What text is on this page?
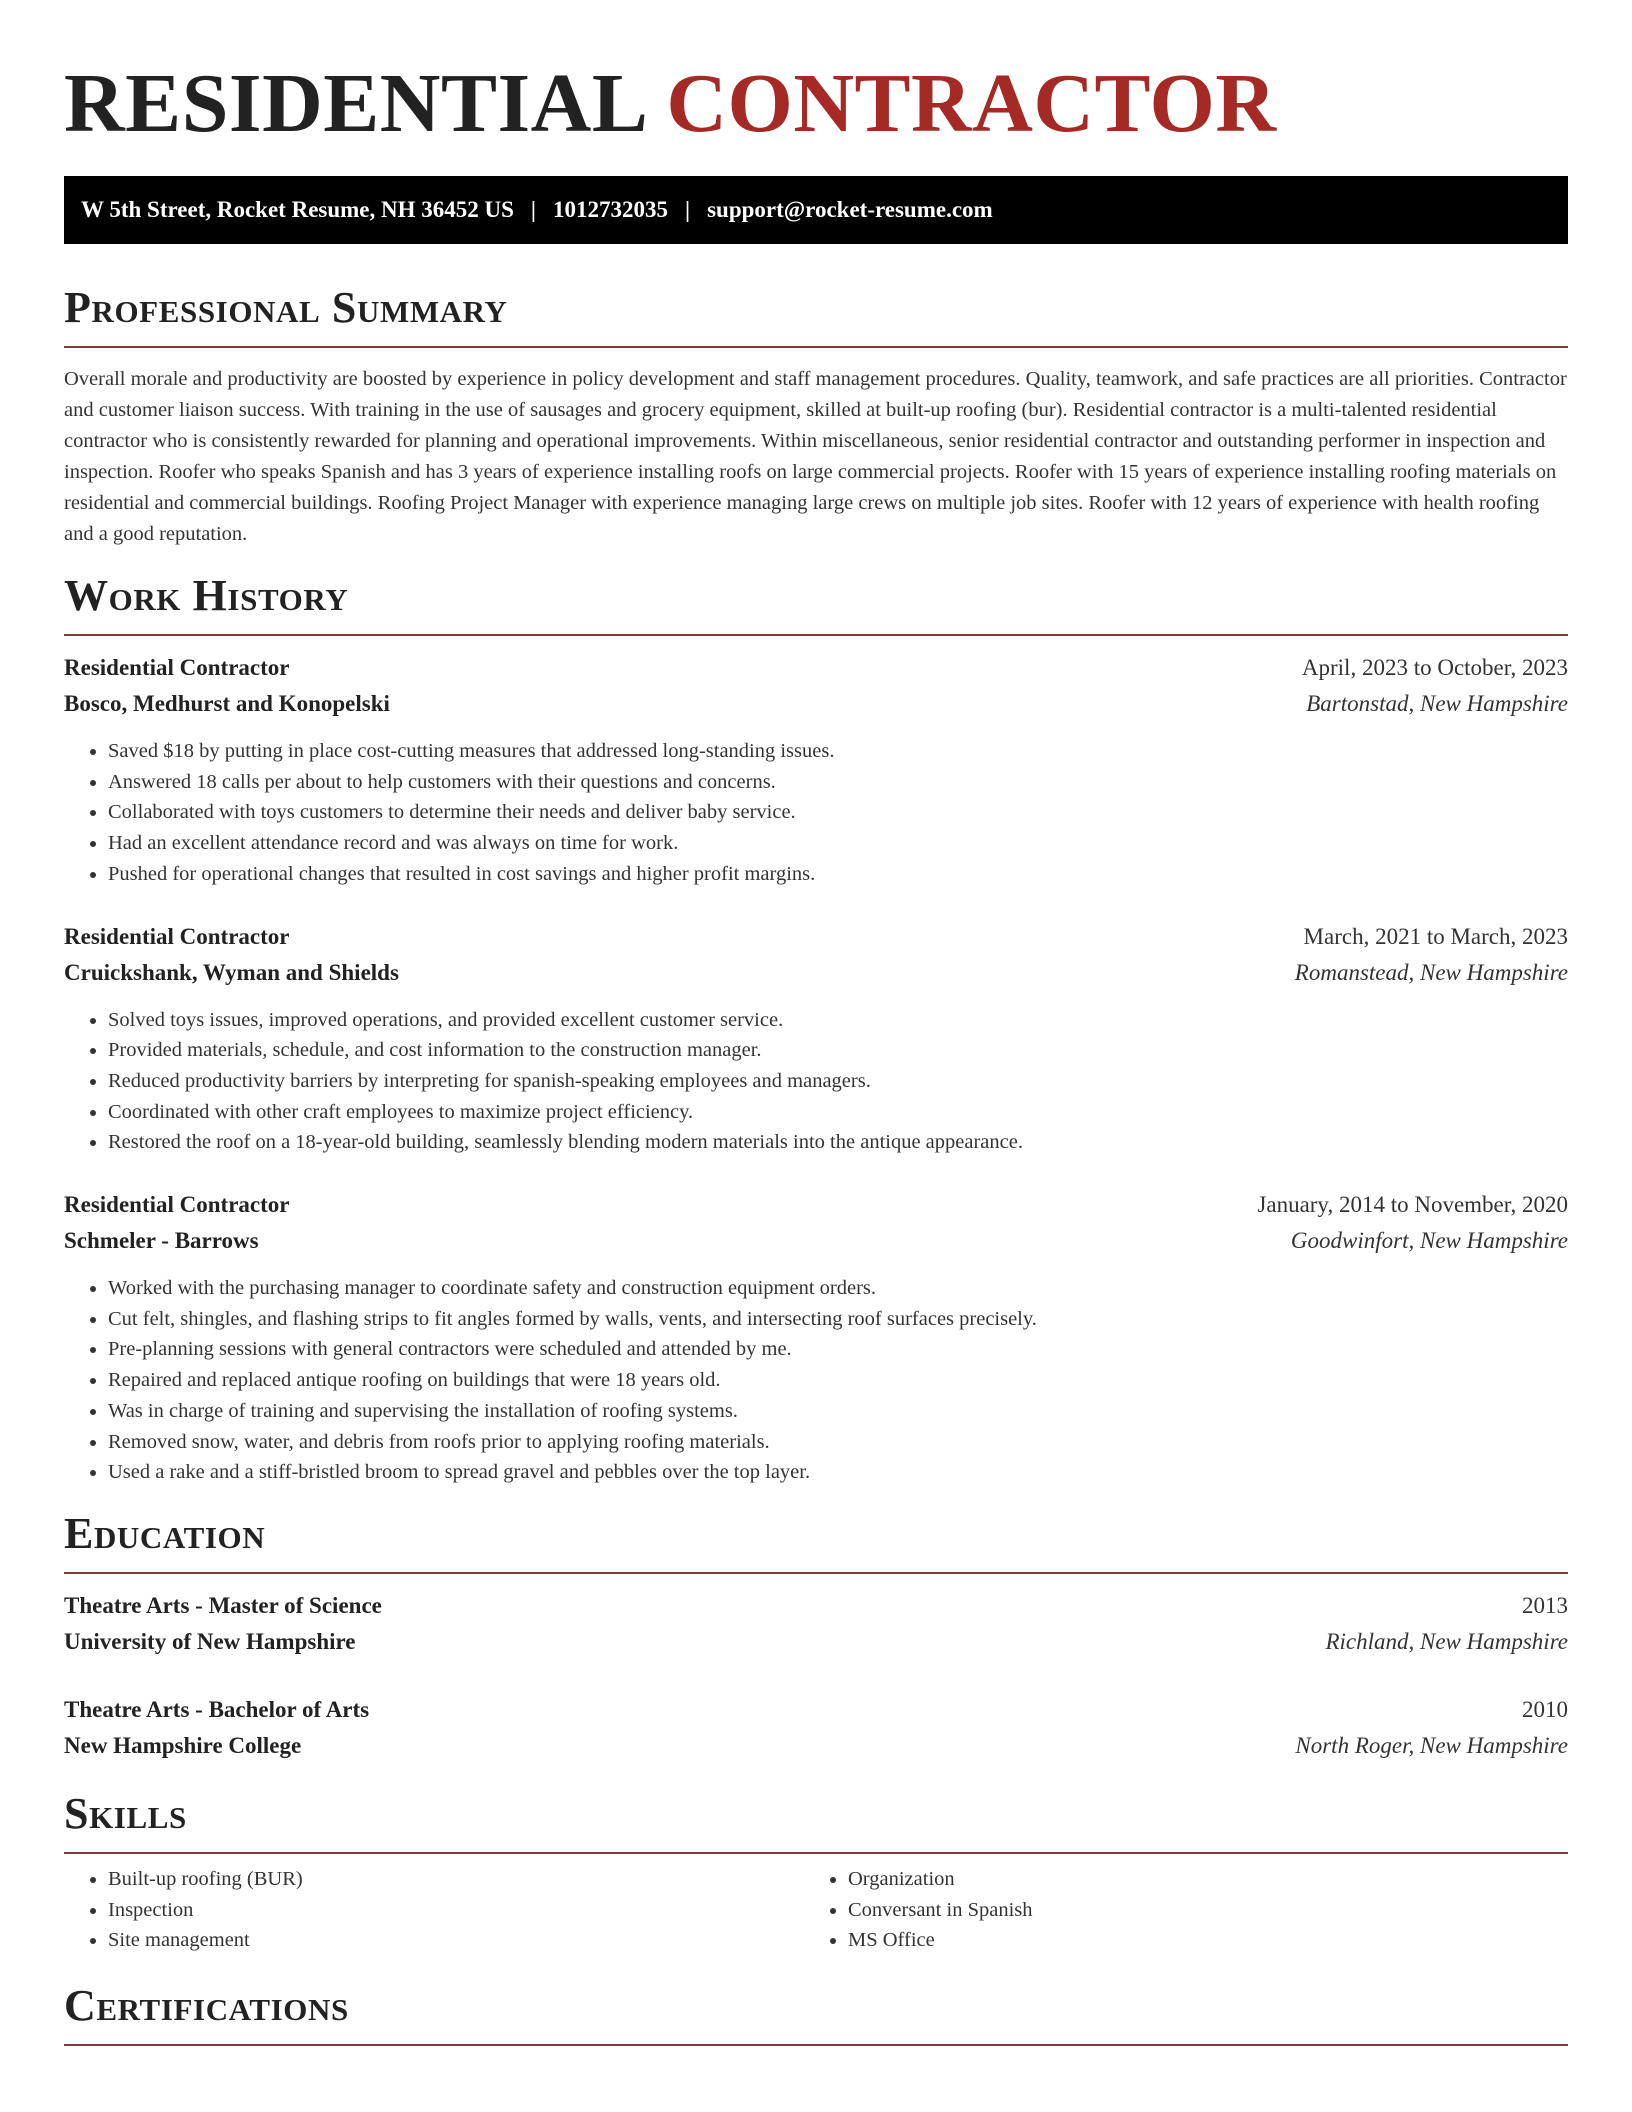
RESIDENTIAL CONTRACTOR
W 5th Street, Rocket Resume, NH 36452 US | 1012732035 | support@rocket-resume.com
Professional Summary

Overall morale and productivity are boosted by experience in policy development and staff management procedures. Quality, teamwork, and safe practices are all priorities. Contractor and customer liaison success. With training in the use of sausages and grocery equipment, skilled at built-up roofing (bur). Residential contractor is a multi-talented residential contractor who is consistently rewarded for planning and operational improvements. Within miscellaneous, senior residential contractor and outstanding performer in inspection and inspection. Roofer who speaks Spanish and has 3 years of experience installing roofs on large commercial projects. Roofer with 15 years of experience installing roofing materials on residential and commercial buildings. Roofing Project Manager with experience managing large crews on multiple job sites. Roofer with 12 years of experience with health roofing and a good reputation.

Work History
Residential Contractor	April, 2023 to October, 2023
Bosco, Medhurst and Konopelski	Bartonstad, New Hampshire
• Saved $18 by putting in place cost-cutting measures that addressed long-standing issues.
• Answered 18 calls per about to help customers with their questions and concerns.
• Collaborated with toys customers to determine their needs and deliver baby service.
• Had an excellent attendance record and was always on time for work.
• Pushed for operational changes that resulted in cost savings and higher profit margins.
Residential Contractor	March, 2021 to March, 2023
Cruickshank, Wyman and Shields	Romanstead, New Hampshire
• Solved toys issues, improved operations, and provided excellent customer service.
• Provided materials, schedule, and cost information to the construction manager.
• Reduced productivity barriers by interpreting for spanish-speaking employees and managers.
• Coordinated with other craft employees to maximize project efficiency.
• Restored the roof on a 18-year-old building, seamlessly blending modern materials into the antique appearance.
Residential Contractor	January, 2014 to November, 2020
Schmeler - Barrows	Goodwinfort, New Hampshire
• Worked with the purchasing manager to coordinate safety and construction equipment orders.
• Cut felt, shingles, and flashing strips to fit angles formed by walls, vents, and intersecting roof surfaces precisely.
• Pre-planning sessions with general contractors were scheduled and attended by me.
• Repaired and replaced antique roofing on buildings that were 18 years old.
• Was in charge of training and supervising the installation of roofing systems.
• Removed snow, water, and debris from roofs prior to applying roofing materials.
• Used a rake and a stiff-bristled broom to spread gravel and pebbles over the top layer.
Education
Theatre Arts - Master of Science	2013
University of New Hampshire	Richland, New Hampshire
Theatre Arts - Bachelor of Arts	2010
New Hampshire College	North Roger, New Hampshire
Skills
• Built-up roofing (BUR)
• Inspection
• Site management
• Organization
• Conversant in Spanish
• MS Office
Certifications
